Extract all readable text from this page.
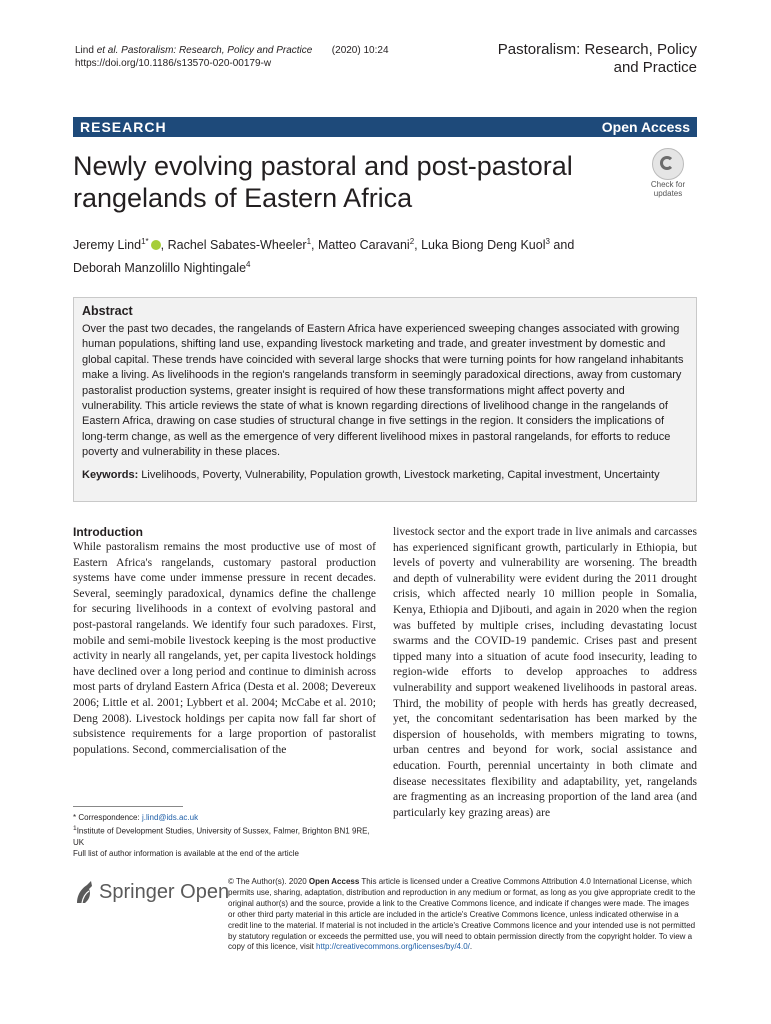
Lind et al. Pastoralism: Research, Policy and Practice (2020) 10:24
https://doi.org/10.1186/s13570-020-00179-w
Pastoralism: Research, Policy
and Practice
RESEARCH	Open Access
Newly evolving pastoral and post-pastoral rangelands of Eastern Africa	Check for
updates
Jeremy Lind$^{1*}$ , Rachel Sabates-Wheeler$^1$, Matteo Caravani$^2$, Luka Biong Deng Kuol$^3$ and
Deborah Manzolillo Nightingale$^4$
Abstract
Over the past two decades, the rangelands of Eastern Africa have experienced sweeping changes associated with growing human populations, shifting land use, expanding livestock marketing and trade, and greater investment by domestic and global capital. These trends have coincided with several large shocks that were turning points for how rangeland inhabitants make a living. As livelihoods in the region's rangelands transform in seemingly paradoxical directions, away from customary pastoralist production systems, greater insight is required of how these transformations might affect poverty and vulnerability. This article reviews the state of what is known regarding directions of livelihood change in the rangelands of Eastern Africa, drawing on case studies of structural change in five settings in the region. It considers the implications of long-term change, as well as the emergence of very different livelihood mixes in pastoral rangelands, for efforts to reduce poverty and vulnerability in these places.
Keywords: Livelihoods, Poverty, Vulnerability, Population growth, Livestock marketing, Capital investment, Uncertainty
Introduction
While pastoralism remains the most productive use of most of Eastern Africa's rangelands, customary pastoral production systems have come under immense pressure in recent decades. Several, seemingly paradoxical, dynamics define the challenge for securing livelihoods in a context of evolving pastoral and post-pastoral rangelands. We identify four such paradoxes. First, mobile and semi-mobile livestock keeping is the most productive activity in nearly all rangelands, yet, per capita livestock holdings have declined over a long period and continue to diminish across most parts of dryland Eastern Africa (Desta et al. 2008; Devereux 2006; Little et al. 2001; Lybbert et al. 2004; McCabe et al. 2010; Deng 2008). Livestock holdings per capita now fall far short of subsistence requirements for a large proportion of pastoralist populations. Second, commercialisation of the
livestock sector and the export trade in live animals and carcasses has experienced significant growth, particularly in Ethiopia, but levels of poverty and vulnerability are worsening. The breadth and depth of vulnerability were evident during the 2011 drought crisis, which affected nearly 10 million people in Somalia, Kenya, Ethiopia and Djibouti, and again in 2020 when the region was buffeted by multiple crises, including devastating locust swarms and the COVID-19 pandemic. Crises past and present tipped many into a situation of acute food insecurity, leading to region-wide efforts to develop approaches to address vulnerability and support weakened livelihoods in pastoral areas. Third, the mobility of people with herds has greatly decreased, yet, the concomitant sedentarisation has been marked by the dispersion of households, with members migrating to towns, urban centres and beyond for work, social assistance and education. Fourth, perennial uncertainty in both climate and disease necessitates flexibility and adaptability, yet, rangelands are fragmenting as an increasing proportion of the land area (and particularly key grazing areas) are
* Correspondence: j.lind@ids.ac.uk
$^1$Institute of Development Studies, University of Sussex, Falmer, Brighton BN1 9RE, UK
Full list of author information is available at the end of the article
Springer Open
© The Author(s). 2020 Open Access This article is licensed under a Creative Commons Attribution 4.0 International License, which permits use, sharing, adaptation, distribution and reproduction in any medium or format, as long as you give appropriate credit to the original author(s) and the source, provide a link to the Creative Commons licence, and indicate if changes were made. The images or other third party material in this article are included in the article's Creative Commons licence, unless indicated otherwise in a credit line to the material. If material is not included in the article's Creative Commons licence and your intended use is not permitted by statutory regulation or exceeds the permitted use, you will need to obtain permission directly from the copyright holder. To view a copy of this licence, visit http://creativecommons.org/licenses/by/4.0/.
